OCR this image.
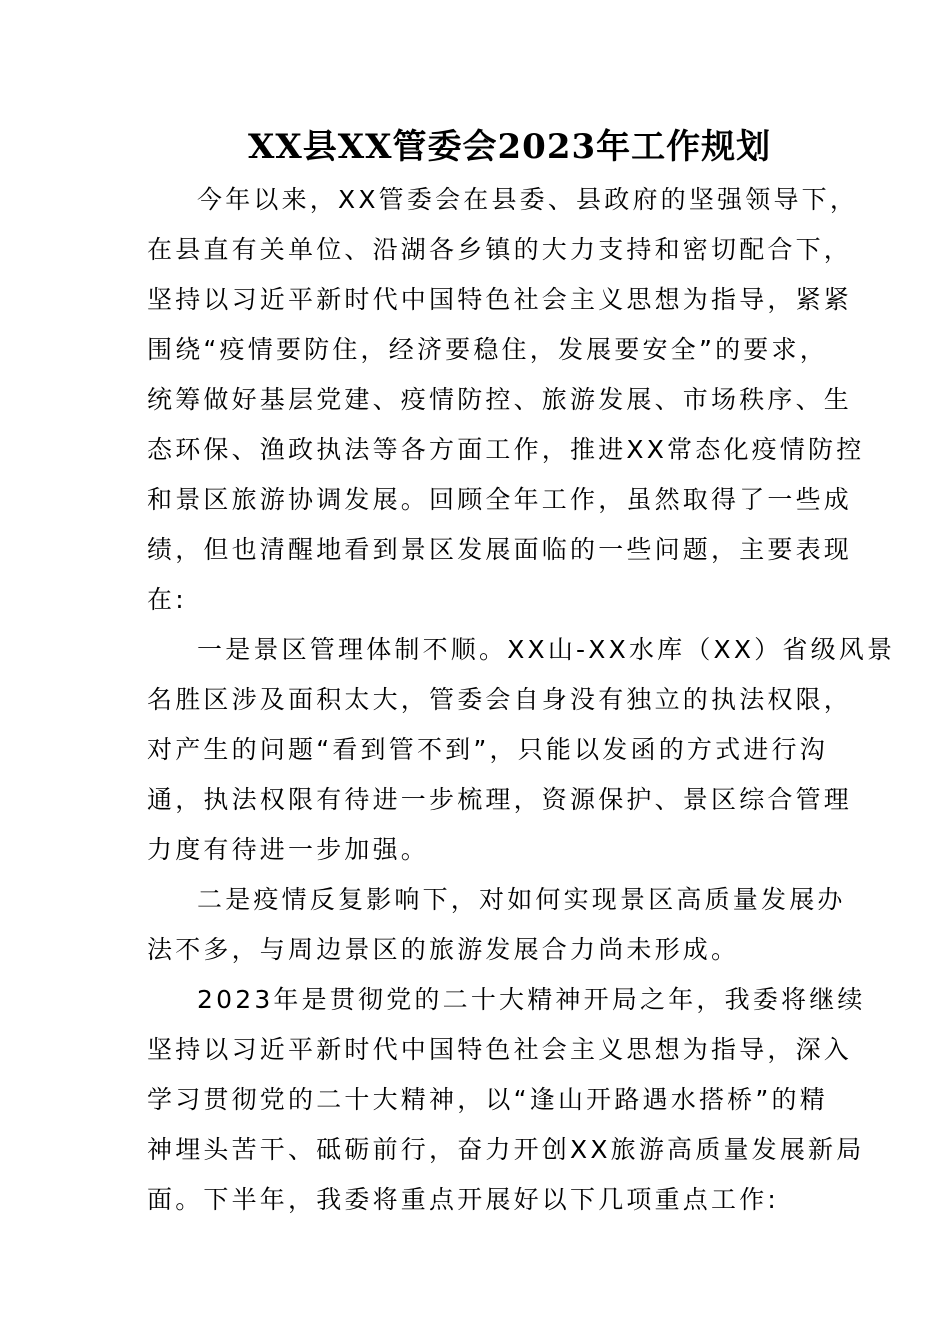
XX县XX管委会2023年工作规划
今年以来，XX管委会在县委、县政府的坚强领导下，
在县直有关单位、沿湖各乡镇的大力支持和密切配合下，
坚持以习近平新时代中国特色社会主义思想为指导，紧紧
围绕“疫情要防住，经济要稳住，发展要安全”的要求，
统筹做好基层党建、疫情防控、旅游发展、市场秩序、生
态环保、渔政执法等各方面工作，推进XX常态化疫情防控
和景区旅游协调发展。回顾全年工作，虽然取得了一些成
绩，但也清醒地看到景区发展面临的一些问题，主要表现
在:
一是景区管理体制不顺。XX山-XX水库（XX）省级风景
名胜区涉及面积太大，管委会自身没有独立的执法权限，
对产生的问题“看到管不到”，只能以发函的方式进行沟
通，执法权限有待进一步梳理，资源保护、景区综合管理
力度有待进一步加强。
二是疫情反复影响下，对如何实现景区高质量发展办
法不多，与周边景区的旅游发展合力尚未形成。
2023年是贯彻党的二十大精神开局之年，我委将继续
坚持以习近平新时代中国特色社会主义思想为指导，深入
学习贯彻党的二十大精神，以“逢山开路遇水搭桥”的精
神埋头苦干、砥砺前行，奋力开创XX旅游高质量发展新局
面。下半年，我委将重点开展好以下几项重点工作:
